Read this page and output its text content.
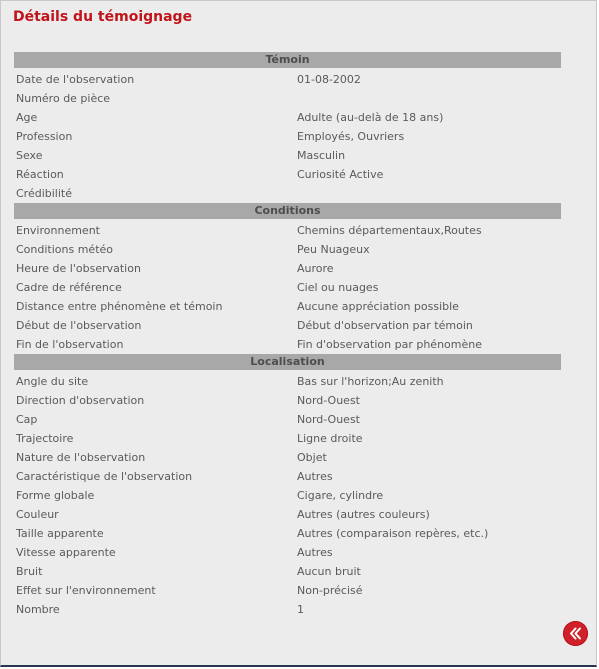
Détails du témoignage
Témoin
Date de l'observation	01-08-2002
Numéro de pièce
Age	Adulte (au-delà de 18 ans)
Profession	Employés, Ouvriers
Sexe	Masculin
Réaction	Curiosité Active
Crédibilité
Conditions
Environnement	Chemins départementaux,Routes
Conditions météo	Peu Nuageux
Heure de l'observation	Aurore
Cadre de référence	Ciel ou nuages
Distance entre phénomène et témoin	Aucune appréciation possible
Début de l'observation	Début d'observation par témoin
Fin de l'observation	Fin d'observation par phénomène
Localisation
Angle du site	Bas sur l'horizon;Au zenith
Direction d'observation	Nord-Ouest
Cap	Nord-Ouest
Trajectoire	Ligne droite
Nature de l'observation	Objet
Caractéristique de l'observation	Autres
Forme globale	Cigare, cylindre
Couleur	Autres (autres couleurs)
Taille apparente	Autres (comparaison repères, etc.)
Vitesse apparente	Autres
Bruit	Aucun bruit
Effet sur l'environnement	Non-précisé
Nombre	1
